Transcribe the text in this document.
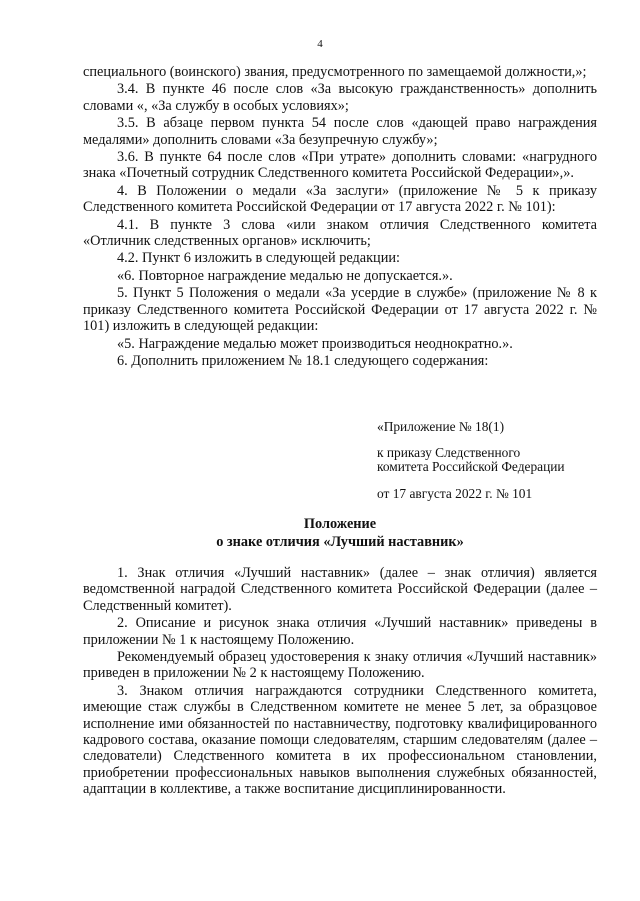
4

специального (воинского) звания, предусмотренного по замещаемой должности,»;

3.4. В пункте 46 после слов «За высокую гражданственность» дополнить словами «, «За службу в особых условиях»;

3.5. В абзаце первом пункта 54 после слов «дающей право награждения медалями» дополнить словами «За безупречную службу»;

3.6. В пункте 64 после слов «При утрате» дополнить словами: «нагрудного знака «Почетный сотрудник Следственного комитета Российской Федерации»,».

4. В Положении о медали «За заслуги» (приложение № 5 к приказу Следственного комитета Российской Федерации от 17 августа 2022 г. № 101):

4.1. В пункте 3 слова «или знаком отличия Следственного комитета «Отличник следственных органов» исключить;

4.2. Пункт 6 изложить в следующей редакции:

«6. Повторное награждение медалью не допускается.».

5. Пункт 5 Положения о медали «За усердие в службе» (приложение № 8 к приказу Следственного комитета Российской Федерации от 17 августа 2022 г. № 101) изложить в следующей редакции:

«5. Награждение медалью может производиться неоднократно.».

6. Дополнить приложением № 18.1 следующего содержания:

«Приложение № 18(1)
к приказу Следственного
комитета Российской Федерации
от 17 августа 2022 г. № 101
Положение
о знаке отличия «Лучший наставник»

1. Знак отличия «Лучший наставник» (далее – знак отличия) является ведомственной наградой Следственного комитета Российской Федерации (далее – Следственный комитет).

2. Описание и рисунок знака отличия «Лучший наставник» приведены в приложении № 1 к настоящему Положению.

Рекомендуемый образец удостоверения к знаку отличия «Лучший наставник» приведен в приложении № 2 к настоящему Положению.

3. Знаком отличия награждаются сотрудники Следственного комитета, имеющие стаж службы в Следственном комитете не менее 5 лет, за образцовое исполнение ими обязанностей по наставничеству, подготовку квалифицированного кадрового состава, оказание помощи следователям, старшим следователям (далее – следователи) Следственного комитета в их профессиональном становлении, приобретении профессиональных навыков выполнения служебных обязанностей, адаптации в коллективе, а также воспитание дисциплинированности.
